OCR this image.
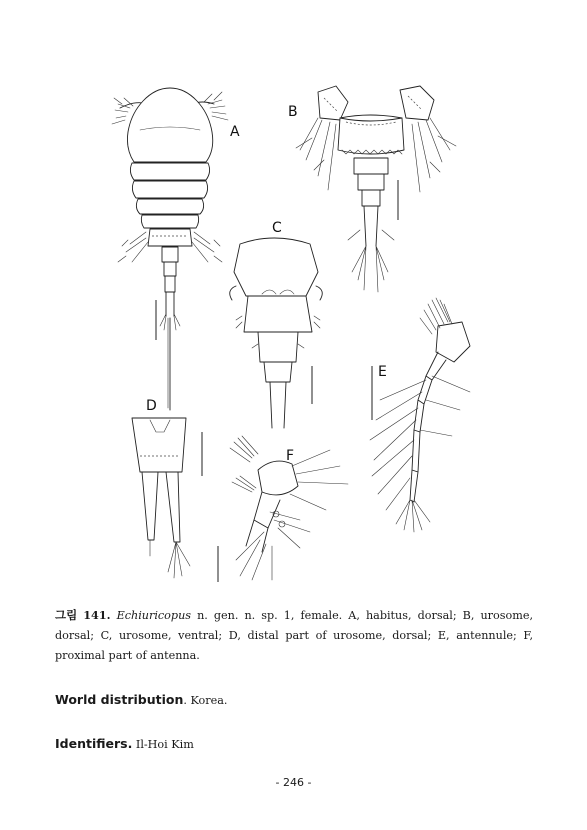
A
B
C
D
E
F
그림 141. Echiuricopus n. gen. n. sp. 1, female. A, habitus, dorsal; B, urosome, dorsal; C, urosome, ventral; D, distal part of urosome, dorsal; E, antennule; F, proximal part of antenna.
World distribution. Korea.
Identifiers. Il-Hoi Kim
- 246 -
